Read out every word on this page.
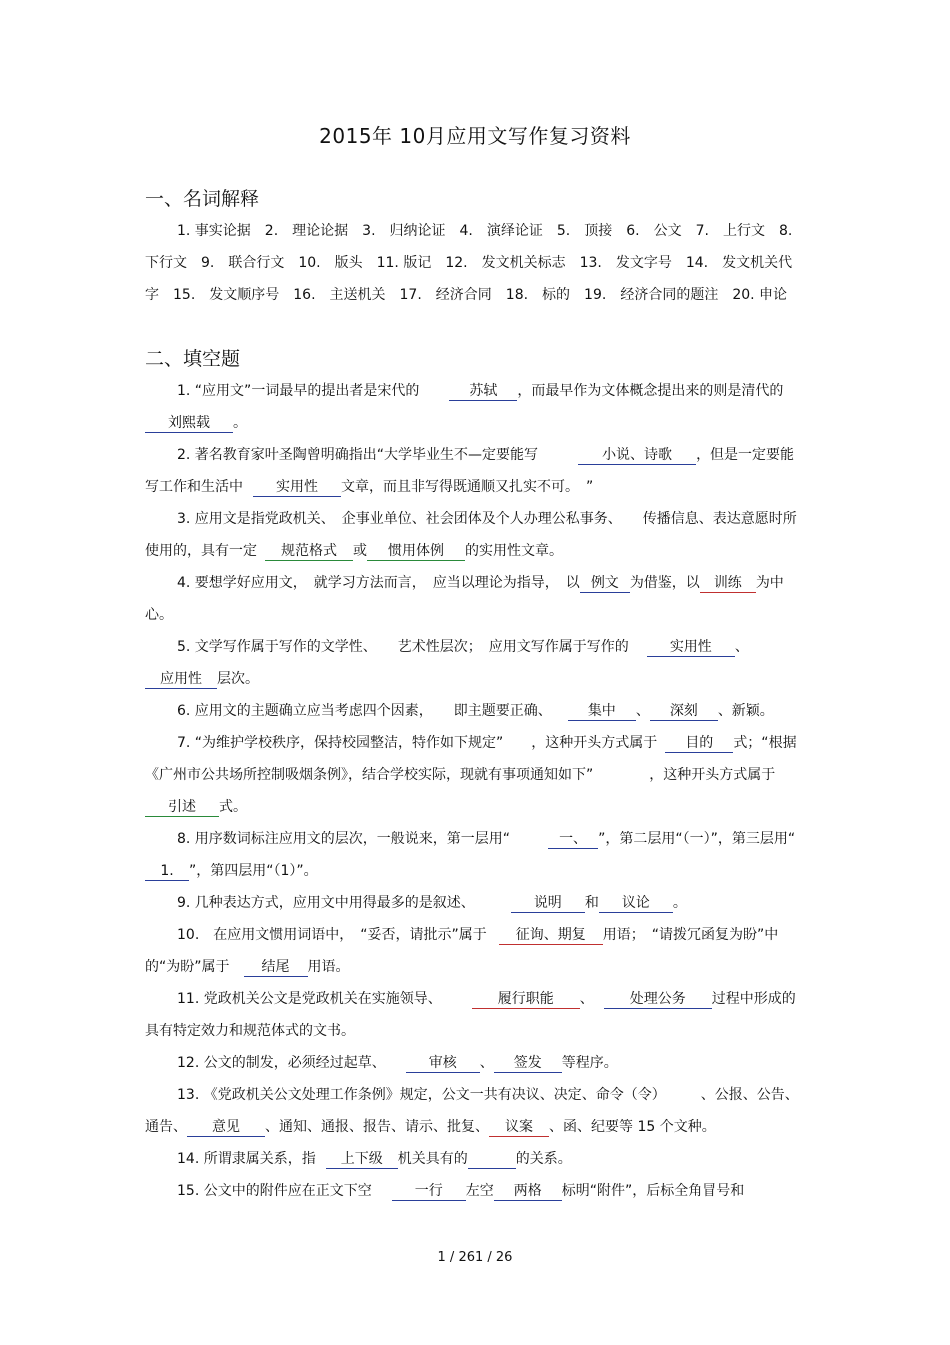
2015年 10月应用文写作复习资料
一、名词解释
1. 事实论据　2.　理论论据　3.　归纳论证　4.　演绎论证　5.　顶接　6.　公文　7.　上行文　8. 下行文　9.　联合行文　10.　版头　11. 版记　12.　发文机关标志　13.　发文字号　14.　发文机关代字　15.　发文顺序号　16.　主送机关　17.　经济合同　18.　标的　19.　经济合同的题注　20. 申论
二、填空题
1. “应用文”一词最早的提出者是宋代的	苏轼 ，而最早作为文体概念提出来的则是清代的刘熙载 。
2. 著名教育家叶圣陶曾明确指出“大学毕业生不—定要能写	小说、诗歌 ，但是一定要能写工作和生活中 实用性 文章，而且非写得既通顺又扎实不可。　”
3. 应用文是指党政机关、　企事业单位、社会团体及个人办理公私事务、　　传播信息、表达意愿时所使用的，具有一定 规范格式 或 惯用体例 的实用性文章。
4. 要想学好应用文，　就学习方法而言，　应当以理论为指导，　以 例文 为借鉴，以 训练 为中心。
5. 文学写作属于写作的文学性、　　艺术性层次；　应用文写作属于写作的	实用性 、应用性 层次。
6. 应用文的主题确立应当考虑四个因素，　　即主题要正确、	集中 、 深刻 、新颖。
7. “为维护学校秩序，保持校园整洁，特作如下规定”　　，这种开头方式属于 目的 式；“根据《广州市公共场所控制吸烟条例》，结合学校实际，现就有事项通知如下”　　　　，这种开头方式属于引述 式。
8. 用序数词标注应用文的层次，一般说来，第一层用“	一、 ”，第二层用“（一）”，第三层用“1. ”，第四层用“（1）”。
9. 几种表达方式，应用文中用得最多的是叙述、	说明 和 议论 。
10.　在应用文惯用词语中，　“妥否，请批示”属于 征询、期复 用语；　“请拨冗函复为盼”中的“为盼”属于 结尾 用语。
11. 党政机关公文是党政机关在实施领导、	履行职能 、	处理公务 过程中形成的具有特定效力和规范体式的文书。
12. 公文的制发，必须经过起草、	审核 、 签发 等程序。
13. 《党政机关公文处理工作条例》规定，公文一共有决议、决定、命令（令）　　　、公报、公告、通告、 意见 、通知、通报、报告、请示、批复、 议案 、函、纪要等 15 个文种。
14. 所谓隶属关系，指 上下级 机关具有的　　	的关系。
15. 公文中的附件应在正文下空	一行 左空 两格 标明“附件”，后标全角冒号和
1 / 261 / 26
